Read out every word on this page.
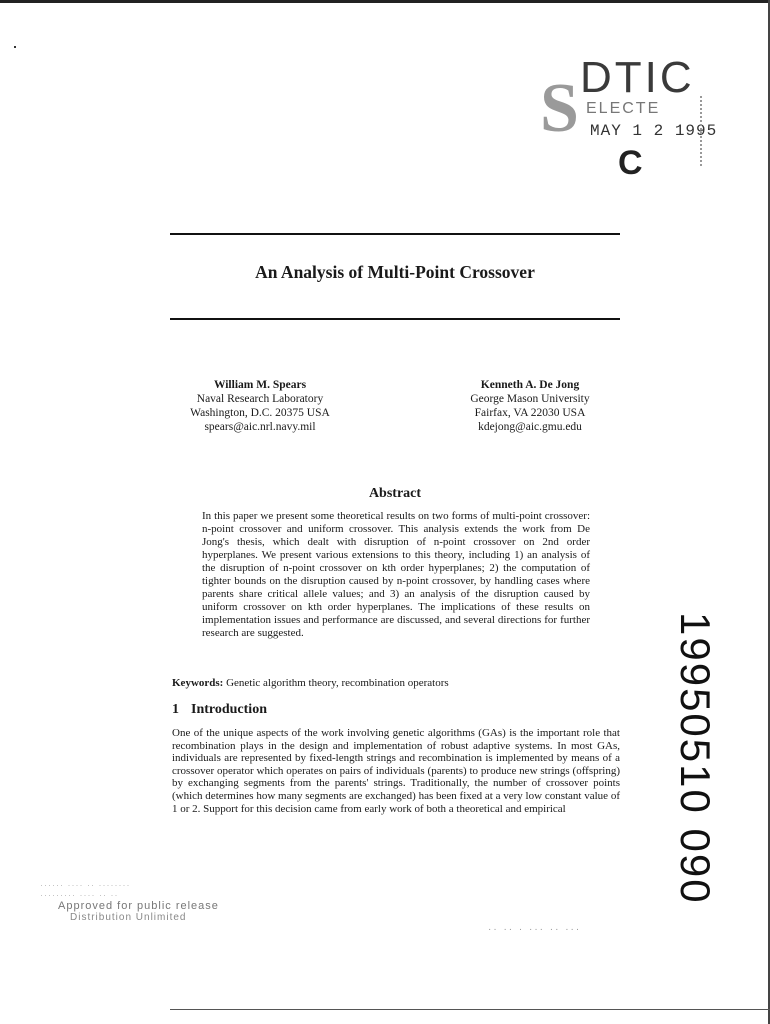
S DTIC
ELECTE
MAY 1 2 1995
C
An Analysis of Multi-Point Crossover
William M. Spears
Naval Research Laboratory
Washington, D.C. 20375 USA
spears@aic.nrl.navy.mil
Kenneth A. De Jong
George Mason University
Fairfax, VA 22030 USA
kdejong@aic.gmu.edu
Abstract

In this paper we present some theoretical results on two forms of multi-point crossover: n-point crossover and uniform crossover. This analysis extends the work from De Jong's thesis, which dealt with disruption of n-point crossover on 2nd order hyperplanes. We present various extensions to this theory, including 1) an analysis of the disruption of n-point crossover on kth order hyperplanes; 2) the computation of tighter bounds on the disruption caused by n-point crossover, by handling cases where parents share critical allele values; and 3) an analysis of the disruption caused by uniform crossover on kth order hyperplanes. The implications of these results on implementation issues and performance are discussed, and several directions for further research are suggested.

Keywords: Genetic algorithm theory, recombination operators
1 Introduction

One of the unique aspects of the work involving genetic algorithms (GAs) is the important role that recombination plays in the design and implementation of robust adaptive systems. In most GAs, individuals are represented by fixed-length strings and recombination is implemented by means of a crossover operator which operates on pairs of individuals (parents) to produce new strings (offspring) by exchanging segments from the parents' strings. Traditionally, the number of crossover points (which determines how many segments are exchanged) has been fixed at a very low constant value of 1 or 2. Support for this decision came from early work of both a theoretical and empirical	19950510 090
······ ···· ·· ········
········· ···· ·· ··
Approved for public release
Distribution Unlimited
·· ·· · ··· ·· ···
